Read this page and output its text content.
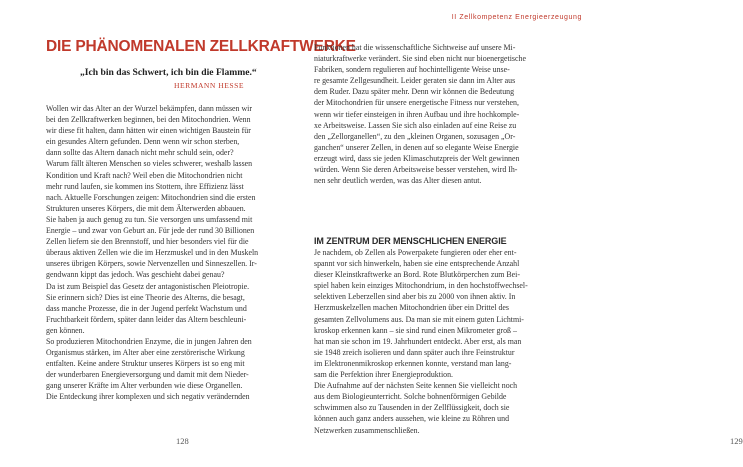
DIE PHÄNOMENALEN ZELLKRAFTWERKE
„Ich bin das Schwert, ich bin die Flamme.“
HERMANN HESSE
Wollen wir das Alter an der Wurzel bekämpfen, dann müssen wir
bei den Zellkraftwerken beginnen, bei den Mitochondrien. Wenn
wir diese fit halten, dann hätten wir einen wichtigen Baustein für
ein gesundes Altern gefunden. Denn wenn wir schon sterben,
dann sollte das Altern danach nicht mehr schuld sein, oder?
Warum fällt älteren Menschen so vieles schwerer, weshalb lassen
Kondition und Kraft nach? Weil eben die Mitochondrien nicht
mehr rund laufen, sie kommen ins Stottern, ihre Effizienz lässt
nach. Aktuelle Forschungen zeigen: Mitochondrien sind die ersten
Strukturen unseres Körpers, die mit dem Älterwerden abbauen.
Sie haben ja auch genug zu tun. Sie versorgen uns umfassend mit
Energie – und zwar von Geburt an. Für jede der rund 30 Billionen
Zellen liefern sie den Brennstoff, und hier besonders viel für die
überaus aktiven Zellen wie die im Herzmuskel und in den Muskeln
unseres übrigen Körpers, sowie Nervenzellen und Sinneszellen. Ir-
gendwann kippt das jedoch. Was geschieht dabei genau?
Da ist zum Beispiel das Gesetz der antagonistischen Pleiotropie.
Sie erinnern sich? Dies ist eine Theorie des Alterns, die besagt,
dass manche Prozesse, die in der Jugend perfekt Wachstum und
Fruchtbarkeit fördern, später dann leider das Altern beschleuni-
gen können.
So produzieren Mitochondrien Enzyme, die in jungen Jahren den
Organismus stärken, im Alter aber eine zerstörerische Wirkung
entfalten. Keine andere Struktur unseres Körpers ist so eng mit
der wunderbaren Energieversorgung und damit mit dem Nieder-
gang unserer Kräfte im Alter verbunden wie diese Organellen.
Die Entdeckung ihrer komplexen und sich negativ verändernden
128
II Zellkompetenz Energieerzeugung
129
Funktionen hat die wissenschaftliche Sichtweise auf unsere Mi-
niaturkraftwerke verändert. Sie sind eben nicht nur bioenergetische
Fabriken, sondern regulieren auf hochintelligente Weise unse-
re gesamte Zellgesundheit. Leider geraten sie dann im Alter aus
dem Ruder. Dazu später mehr. Denn wir können die Bedeutung
der Mitochondrien für unsere energetische Fitness nur verstehen,
wenn wir tiefer einsteigen in ihren Aufbau und ihre hochkomple-
xe Arbeitsweise. Lassen Sie sich also einladen auf eine Reise zu
den „Zellorganellen“, zu den „kleinen Organen, sozusagen „Or-
ganchen“ unserer Zellen, in denen auf so elegante Weise Energie
erzeugt wird, dass sie jeden Klimaschutzpreis der Welt gewinnen
würden. Wenn Sie deren Arbeitsweise besser verstehen, wird Ih-
nen sehr deutlich werden, was das Alter diesen antut.
IM ZENTRUM DER MENSCHLICHEN ENERGIE
Je nachdem, ob Zellen als Powerpakete fungieren oder eher ent-
spannt vor sich hinwerkeln, haben sie eine entsprechende Anzahl
dieser Kleinstkraftwerke an Bord. Rote Blutkörperchen zum Bei-
spiel haben kein einziges Mitochondrium, in den hochstoffwechsel-
selektiven Leberzellen sind aber bis zu 2000 von ihnen aktiv. In
Herzmuskelzellen machen Mitochondrien über ein Drittel des
gesamten Zellvolumens aus. Da man sie mit einem guten Lichtmi-
kroskop erkennen kann – sie sind rund einen Mikrometer groß –
hat man sie schon im 19. Jahrhundert entdeckt. Aber erst, als man
sie 1948 zreich isolieren und dann später auch ihre Feinstruktur
im Elektronenmikroskop erkennen konnte, verstand man lang-
sam die Perfektion ihrer Energieproduktion.
Die Aufnahme auf der nächsten Seite kennen Sie vielleicht noch
aus dem Biologieunterricht. Solche bohnenförmigen Gebilde
schwimmen also zu Tausenden in der Zellflüssigkeit, doch sie
können auch ganz anders aussehen, wie kleine zu Röhren und
Netzwerken zusammenschließen.
